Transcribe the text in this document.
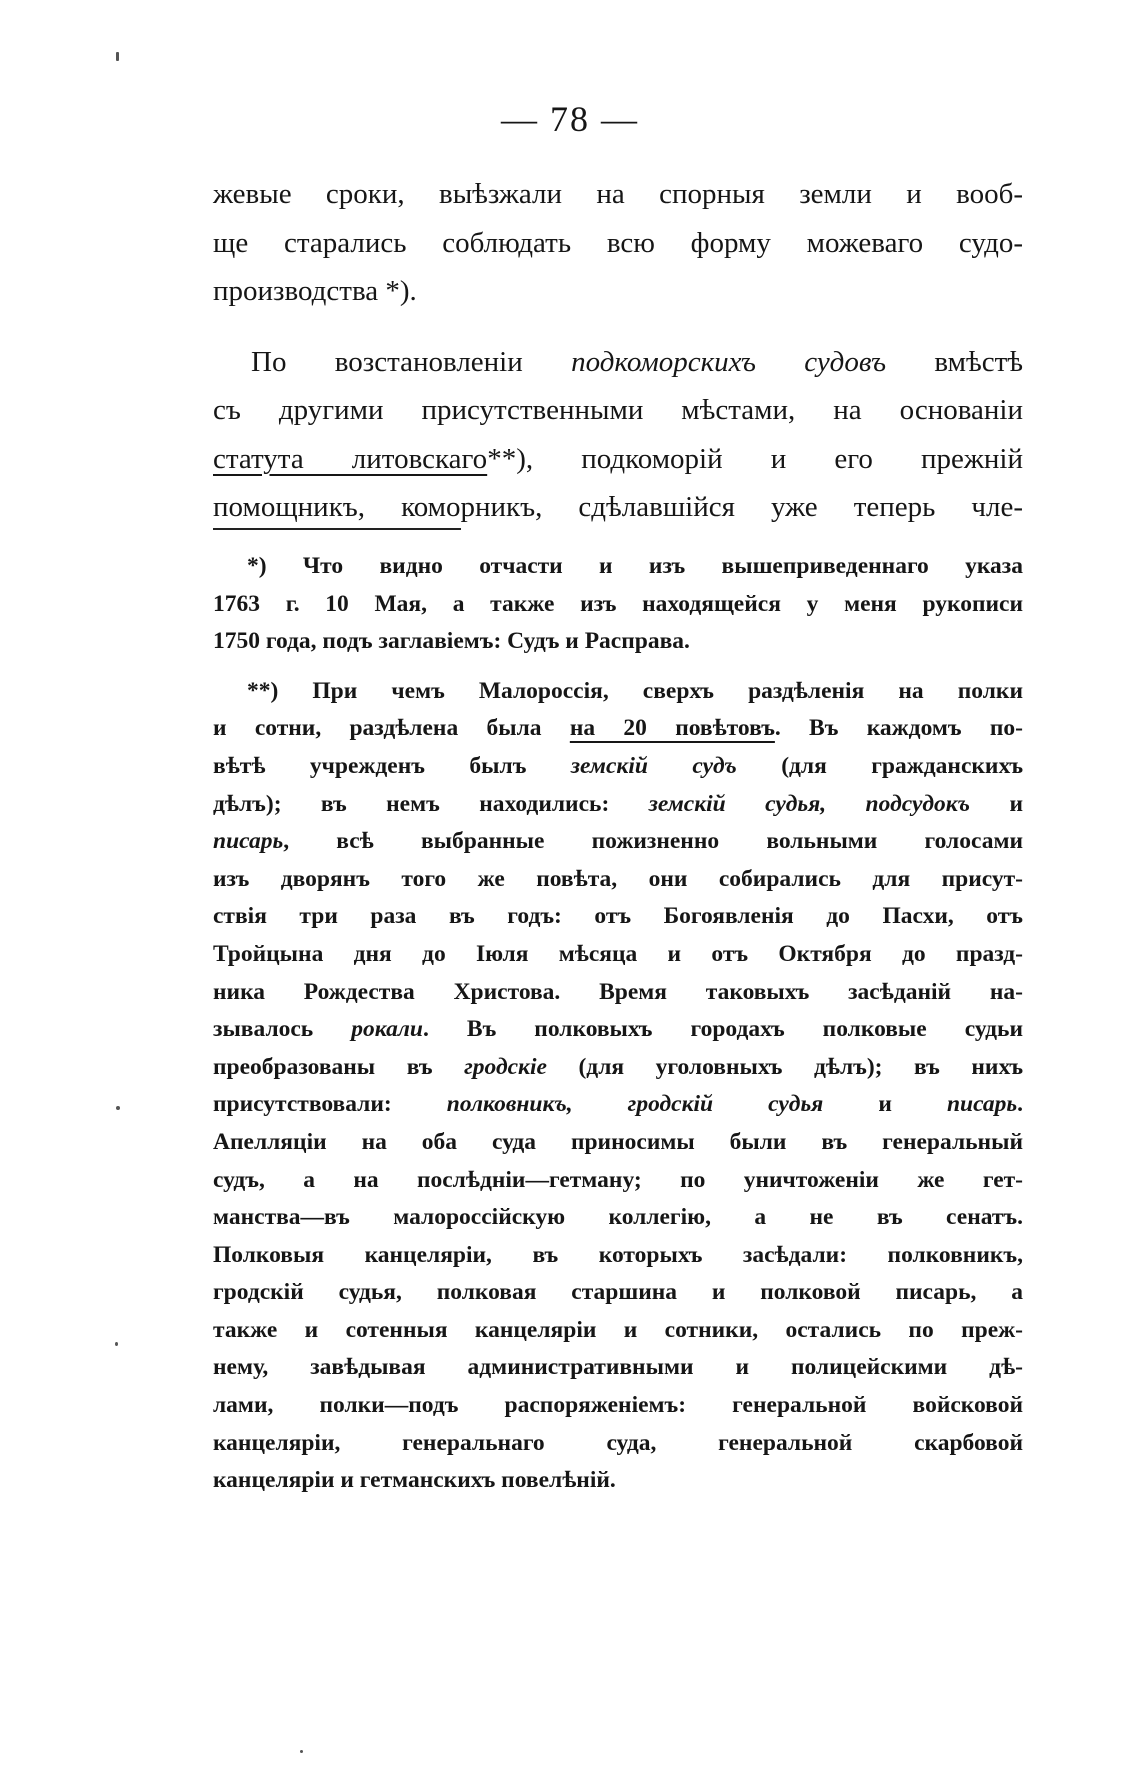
— 78 —
жевые сроки, выѣзжали на спорныя земли и вооб-
ще старались соблюдать всю форму можеваго судо-
производства *).
По возстановленіи подкоморскихъ судовъ вмѣстѣ
съ другими присутственными мѣстами, на основаніи
статута литовскаго**), подкоморій и его прежній
помощникъ, коморникъ, сдѣлавшійся уже теперь чле-
*) Что видно отчасти и изъ вышеприведеннаго указа
1763 г. 10 Мая, а также изъ находящейся у меня рукописи
1750 года, подъ заглавіемъ: Судъ и Расправа.
**) При чемъ Малороссія, сверхъ раздѣленія на полки
и сотни, раздѣлена была на 20 повѣтовъ. Въ каждомъ по-
вѣтѣ учрежденъ былъ земскій судъ (для гражданскихъ
дѣлъ); въ немъ находились: земскій судья, подсудокъ и
писарь, всѣ выбранные пожизненно вольными голосами
изъ дворянъ того же повѣта, они собирались для присут-
ствія три раза въ годъ: отъ Богоявленія до Пасхи, отъ
Тройцына дня до Іюля мѣсяца и отъ Октября до празд-
ника Рождества Христова. Время таковыхъ засѣданій на-
зывалось рокали. Въ полковыхъ городахъ полковые судьи
преобразованы въ гродскіе (для уголовныхъ дѣлъ); въ нихъ
присутствовали: полковникъ, гродскій судья и писарь.
Апелляціи на оба суда приносимы были въ генеральный
судъ, а на послѣдніи—гетману; по уничтоженіи же гет-
манства—въ малороссійскую коллегію, а не въ сенатъ.
Полковыя канцеляріи, въ которыхъ засѣдали: полковникъ,
гродскій судья, полковая старшина и полковой писарь, а
также и сотенныя канцеляріи и сотники, остались по преж-
нему, завѣдывая административными и полицейскими дѣ-
лами, полки—подъ распоряженіемъ: генеральной войсковой
канцеляріи, генеральнаго суда, генеральной скарбовой
канцеляріи и гетманскихъ повелѣній.
